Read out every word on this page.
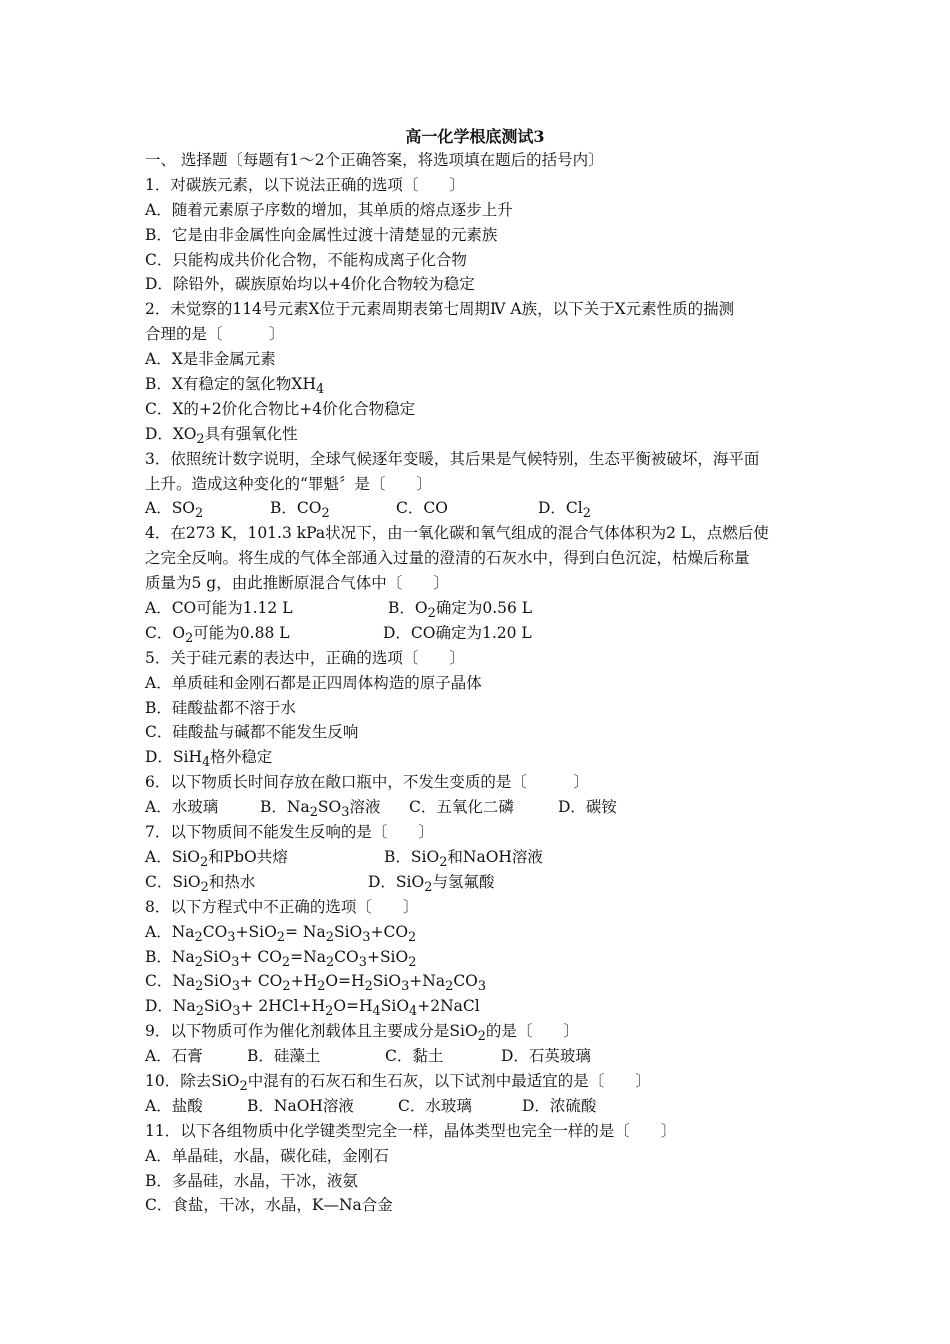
高一化学根底测试3
一、 选择题〔每题有1～2个正确答案，将选项填在题后的括号内〕
1．对碳族元素，以下说法正确的选项〔　　〕
A．随着元素原子序数的增加，其单质的熔点逐步上升
B．它是由非金属性向金属性过渡十清楚显的元素族
C．只能构成共价化合物，不能构成离子化合物
D．除铅外，碳族原始均以+4价化合物较为稳定
2．未觉察的114号元素X位于元素周期表第七周期Ⅳ A族，以下关于X元素性质的揣测
合理的是〔　　　〕
A．X是非金属元素
B．X有稳定的氢化物$XH_4$
C．X的+2价化合物比+4价化合物稳定
D．$XO_2$具有强氧化性
3．依照统计数字说明，全球气候逐年变暖，其后果是气候特别，生态平衡被破坏，海平面
上升。造成这种变化的“罪魁〞是〔　　〕
A．$SO_2$	B．$CO_2$	C．CO	D．$Cl_2$
4．在273 K，101.3 kPa状况下，由一氧化碳和氧气组成的混合气体体积为2 L，点燃后使
之完全反响。将生成的气体全部通入过量的澄清的石灰水中，得到白色沉淀，枯燥后称量
质量为5 g，由此推断原混合气体中〔　　〕
A．CO可能为1.12 L	B．$O_2$确定为0.56 L
C．$O_2$可能为0.88 L	D．CO确定为1.20 L
5．关于硅元素的表达中，正确的选项〔　　〕
A．单质硅和金刚石都是正四周体构造的原子晶体
B．硅酸盐都不溶于水
C．硅酸盐与碱都不能发生反响
D．SiH$_4$格外稳定
6．以下物质长时间存放在敞口瓶中，不发生变质的是〔　　　〕
A．水玻璃	B．$Na_2SO_3$溶液	C．五氧化二磷	D．碳铵
7．以下物质间不能发生反响的是〔　　〕
A．SiO$_2$和PbO共熔	B．SiO$_2$和NaOH溶液
C．SiO$_2$和热水	D．SiO$_2$与氢氟酸
8．以下方程式中不正确的选项〔　　〕
A．$Na_2CO_3+SiO_2= Na_2SiO_3+CO_2$
B．$Na_2SiO_3+ CO_2=Na_2CO_3+SiO_2$
C．$Na_2SiO_3+ CO_2+H_2O=H_2SiO_3+Na_2CO_3$
D．$Na_2SiO_3+$ $2HCl+H_2O=H_4SiO_4+2NaCl$
9．以下物质可作为催化剂载体且主要成分是SiO$_2$的是〔　　〕
A．石膏	B．硅藻土	C．黏土	D．石英玻璃
10．除去SiO$_2$中混有的石灰石和生石灰，以下试剂中最适宜的是〔　　〕
A．盐酸	B．NaOH溶液	C．水玻璃	D．浓硫酸
11．以下各组物质中化学键类型完全一样，晶体类型也完全一样的是〔　　〕
A．单晶硅，水晶，碳化硅，金刚石
B．多晶硅，水晶，干冰，液氨
C．食盐，干冰，水晶，K—Na合金
